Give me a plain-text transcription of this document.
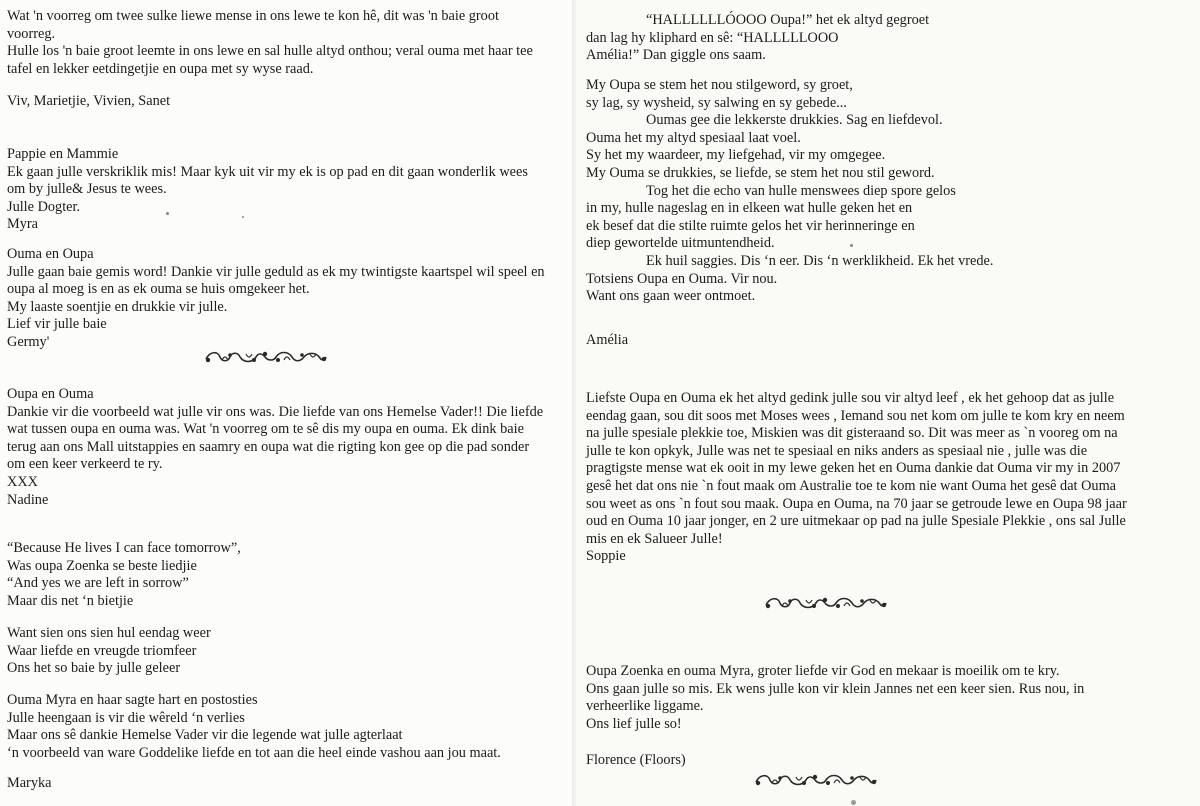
Wat 'n voorreg om twee sulke liewe mense in ons lewe te kon hê, dit was 'n baie groot
voorreg.
Hulle los 'n baie groot leemte in ons lewe en sal hulle altyd onthou; veral ouma met haar tee
tafel en lekker eetdingetjie en oupa met sy wyse raad.
Viv, Marietjie, Vivien, Sanet
Pappie en Mammie
Ek gaan julle verskriklik mis! Maar kyk uit vir my ek is op pad en dit gaan wonderlik wees
om by julle& Jesus te wees.
Julle Dogter.
Myra
Ouma en Oupa
Julle gaan baie gemis word! Dankie vir julle geduld as ek my twintigste kaartspel wil speel en
oupa al moeg is en as ek ouma se huis omgekeer het.
My laaste soentjie en drukkie vir julle.
Lief vir julle baie
Germy'
Oupa en Ouma
Dankie vir die voorbeeld wat julle vir ons was. Die liefde van ons Hemelse Vader!! Die liefde
wat tussen oupa en ouma was. Wat 'n voorreg om te sê dis my oupa en ouma. Ek dink baie
terug aan ons Mall uitstappies en saamry en oupa wat die rigting kon gee op die pad sonder
om een keer verkeerd te ry.
XXX
Nadine
“Because He lives I can face tomorrow”,
Was oupa Zoenka se beste liedjie
“And yes we are left in sorrow”
Maar dis net ‘n bietjie
Want sien ons sien hul eendag weer
Waar liefde en vreugde triomfeer
Ons het so baie by julle geleer
Ouma Myra en haar sagte hart en postosties
Julle heengaan is vir die wêreld ‘n verlies
Maar ons sê dankie Hemelse Vader vir die legende wat julle agterlaat
‘n voorbeeld van ware Goddelike liefde en tot aan die heel einde vashou aan jou maat.
Maryka
“HALLLLLLÓOOO Oupa!” het ek altyd gegroet
dan lag hy kliphard en sê: “HALLLLLOOO
Amélia!” Dan giggle ons saam.
My Oupa se stem het nou stilgeword, sy groet,
sy lag, sy wysheid, sy salwing en sy gebede...
Oumas gee die lekkerste drukkies. Sag en liefdevol.
Ouma het my altyd spesiaal laat voel.
Sy het my waardeer, my liefgehad, vir my omgegee.
My Ouma se drukkies, se liefde, se stem het nou stil geword.
Tog het die echo van hulle menswees diep spore gelos
in my, hulle nageslag en in elkeen wat hulle geken het en
ek besef dat die stilte ruimte gelos het vir herinneringe en
diep gewortelde uitmuntendheid.
Ek huil saggies. Dis ‘n eer. Dis ‘n werklikheid. Ek het vrede.
Totsiens Oupa en Ouma. Vir nou.
Want ons gaan weer ontmoet.
Amélia
Liefste Oupa en Ouma ek het altyd gedink julle sou vir altyd leef , ek het gehoop dat as julle
eendag gaan, sou dit soos met Moses wees , Iemand sou net kom om julle te kom kry en neem
na julle spesiale plekkie toe, Miskien was dit gisteraand so. Dit was meer as `n vooreg om na
julle te kon opkyk, Julle was net te spesiaal en niks anders as spesiaal nie , julle was die
pragtigste mense wat ek ooit in my lewe geken het en Ouma dankie dat Ouma vir my in 2007
gesê het dat ons nie `n fout maak om Australie toe te kom nie want Ouma het gesê dat Ouma
sou weet as ons `n fout sou maak. Oupa en Ouma, na 70 jaar se getroude lewe en Oupa 98 jaar
oud en Ouma 10 jaar jonger, en 2 ure uitmekaar op pad na julle Spesiale Plekkie , ons sal Julle
mis en ek Salueer Julle!
Soppie
Oupa Zoenka en ouma Myra, groter liefde vir God en mekaar is moeilik om te kry.
Ons gaan julle so mis. Ek wens julle kon vir klein Jannes net een keer sien. Rus nou, in
verheerlike liggame.
Ons lief julle so!
Florence (Floors)
